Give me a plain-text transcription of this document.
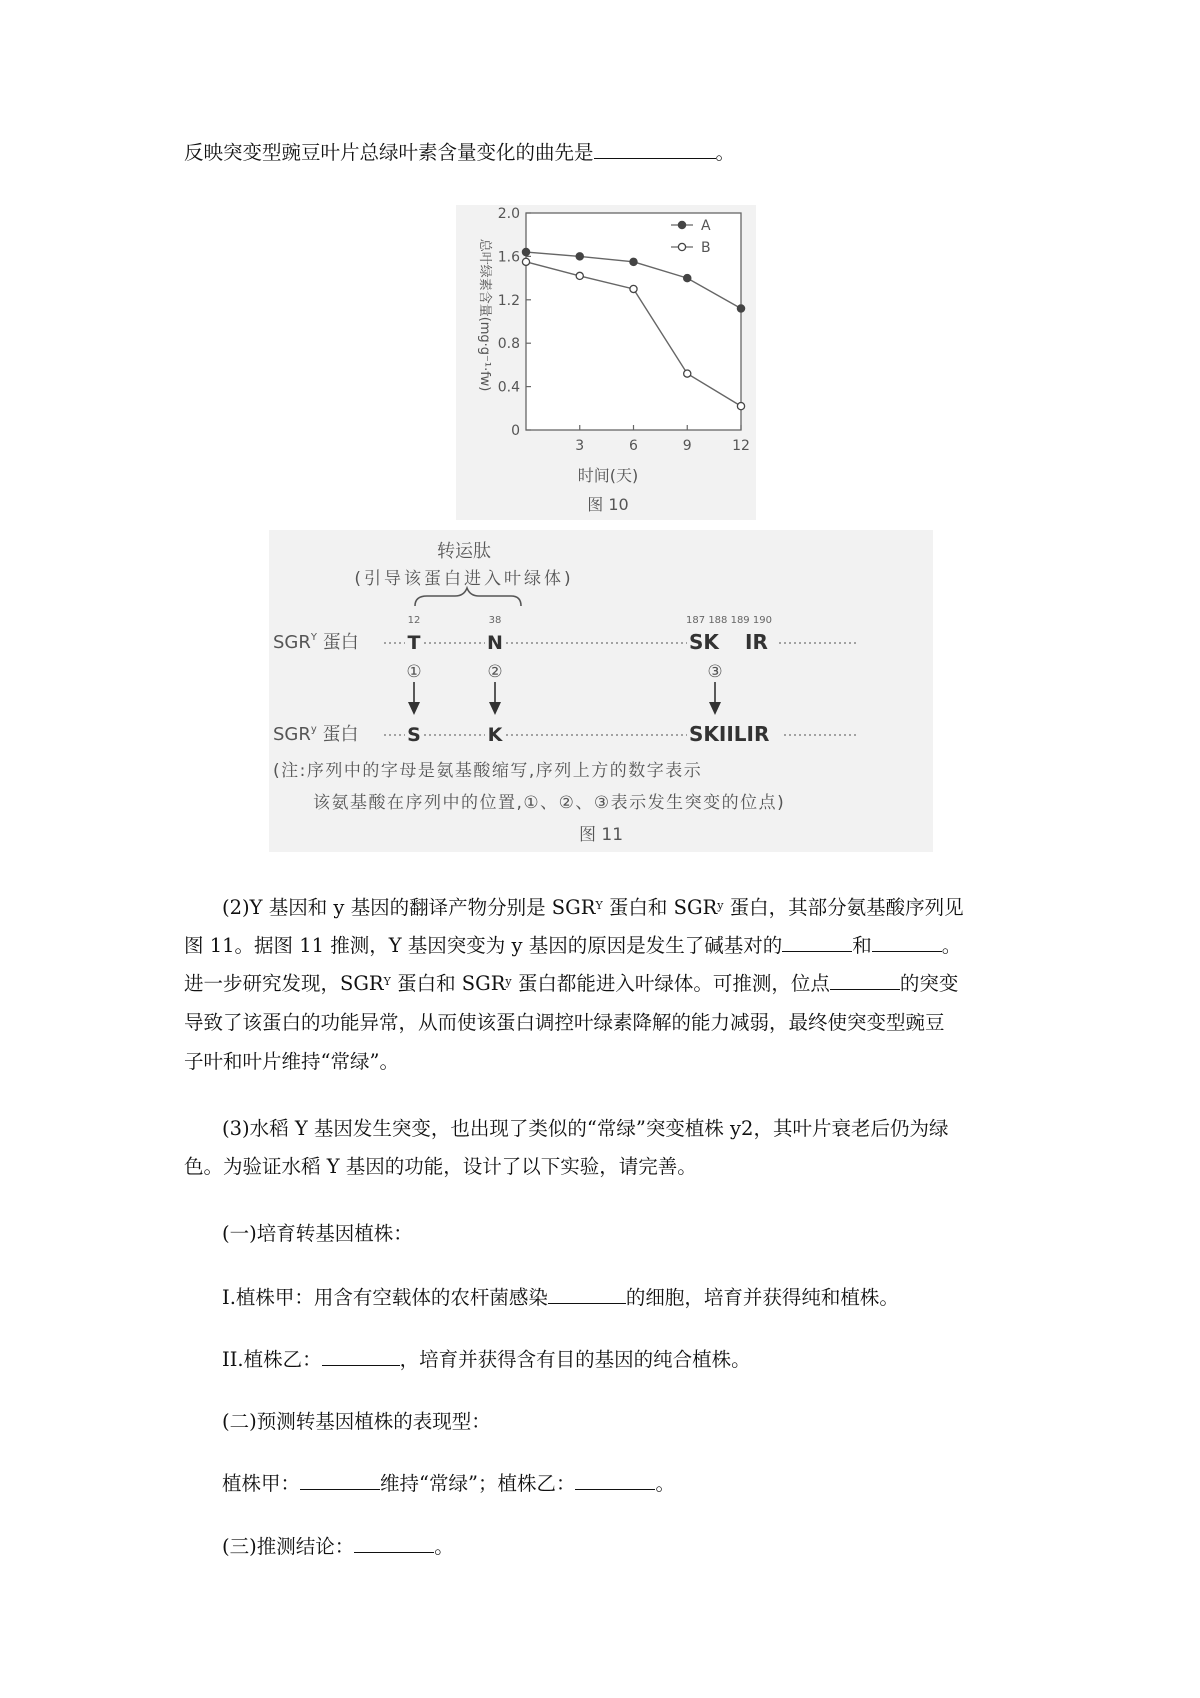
反映突变型豌豆叶片总绿叶素含量变化的曲先是	。
0
0.4
0.8
1.2
1.6
2.0
3	6	9	12
A
B
总叶绿素含量(mg·g⁻¹·fw)
时间(天)
图 10
转运肽
(引导该蛋白进入叶绿体)
12	38	187 188 189 190
$SGR^Y$ 蛋白	T	N	SK IR
①	②	③
SGR$^y$ 蛋白	S	K	SKIILIR
(注:序列中的字母是氨基酸缩写,序列上方的数字表示
该氨基酸在序列中的位置,①、②、③表示发生突变的位点)
图 11
(2)Y 基因和 y 基因的翻译产物分别是 $SGR^Y$ 蛋白和 SGR$^y$ 蛋白，其部分氨基酸序列见
图 11。据图 11 推测，Y 基因突变为 y 基因的原因是发生了碱基对的	和	。
进一步研究发现，$SGR^Y$ 蛋白和 SGR$^y$ 蛋白都能进入叶绿体。可推测，位点	的突变
导致了该蛋白的功能异常，从而使该蛋白调控叶绿素降解的能力减弱，最终使突变型豌豆
子叶和叶片维持“常绿”。
(3)水稻 Y 基因发生突变，也出现了类似的“常绿”突变植株 y2，其叶片衰老后仍为绿
色。为验证水稻 Y 基因的功能，设计了以下实验，请完善。
(一)培育转基因植株：
I.植株甲：用含有空载体的农杆菌感染	的细胞，培育并获得纯和植株。
II.植株乙：	，培育并获得含有目的基因的纯合植株。
(二)预测转基因植株的表现型：
植株甲：	维持“常绿”；植株乙：	。
(三)推测结论：	。
